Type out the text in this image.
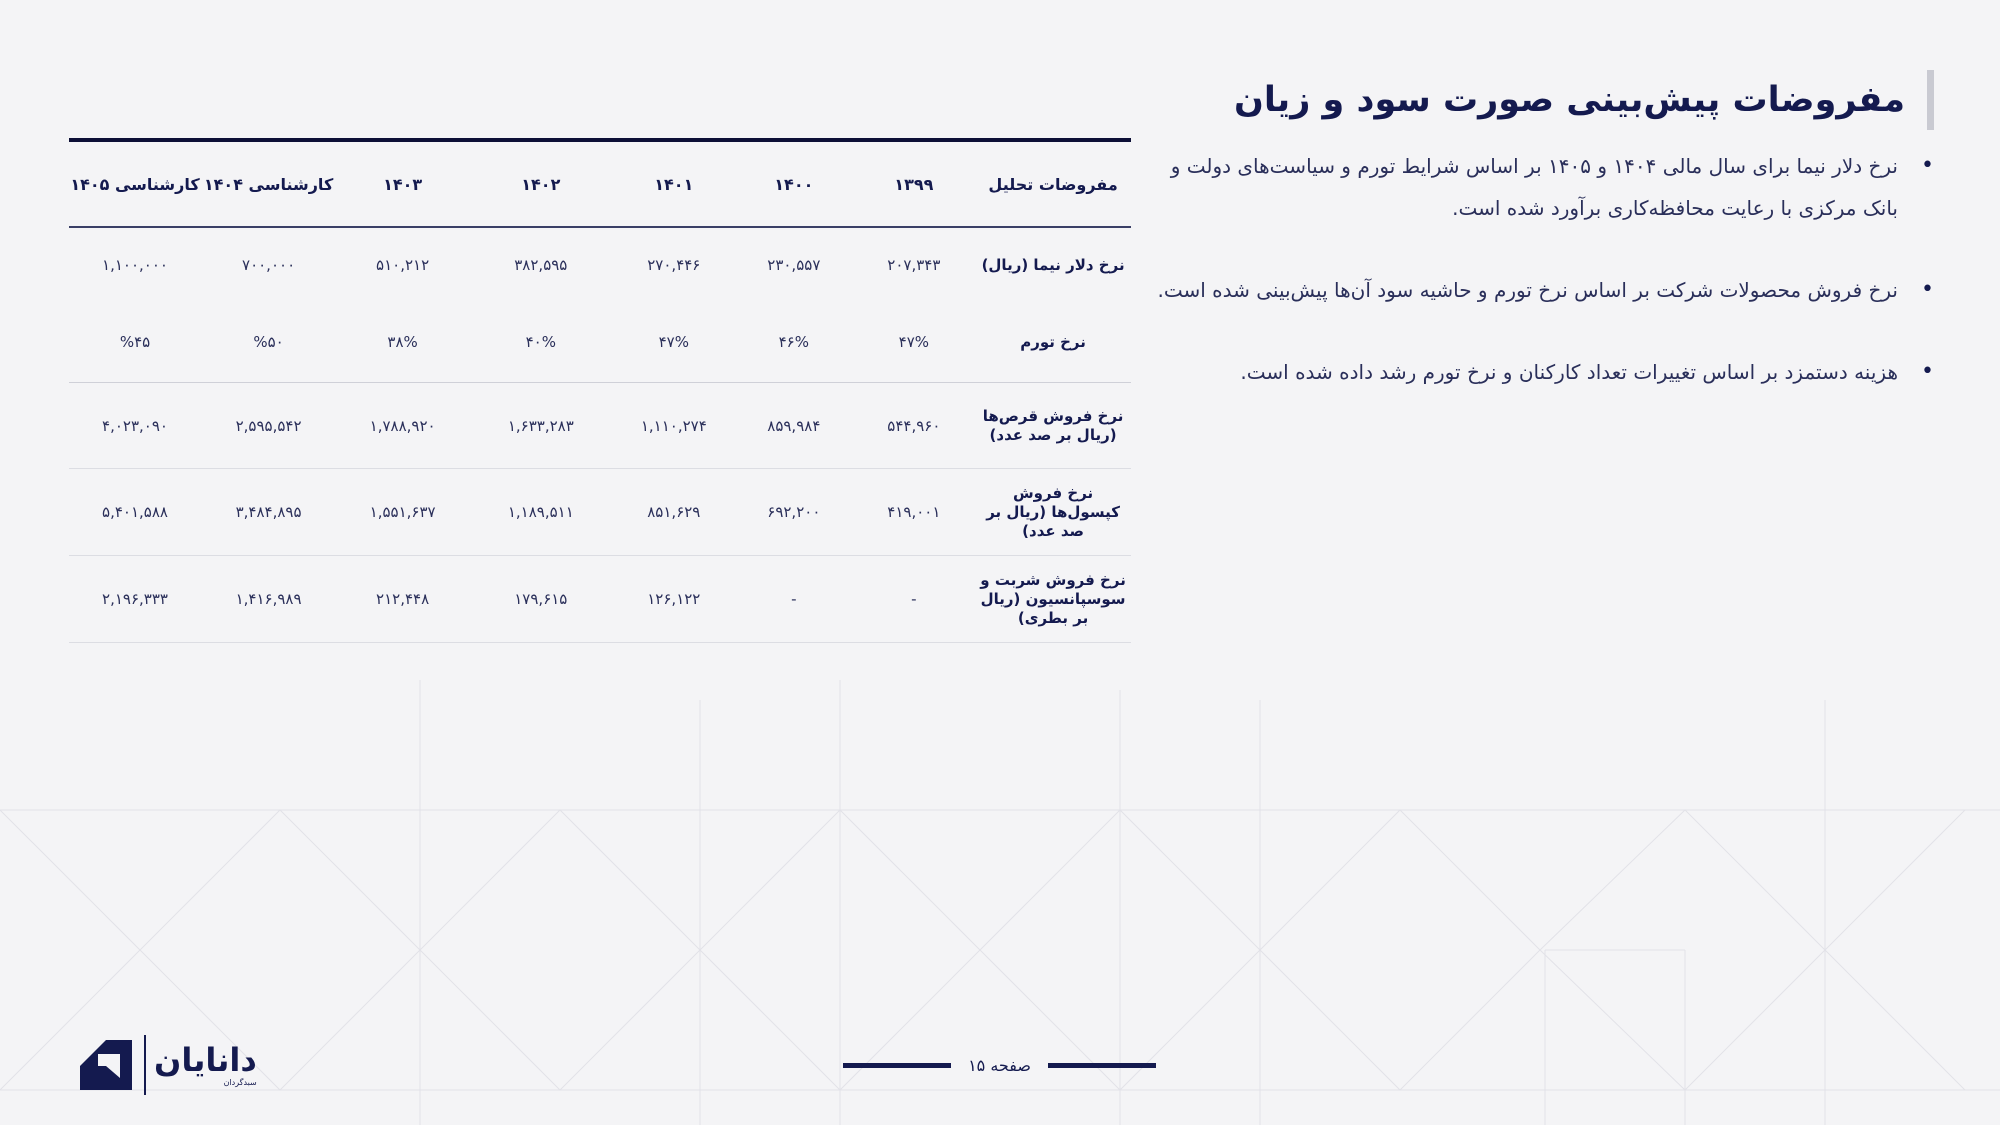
مفروضات پیش‌بینی صورت سود و زیان
•
نرخ دلار نیما برای سال مالی ۱۴۰۴ و ۱۴۰۵ بر اساس شرایط تورم و سیاست‌های دولت و بانک مرکزی با رعایت محافظه‌کاری برآورد شده است.
•
نرخ فروش محصولات شرکت بر اساس نرخ تورم و حاشیه سود آن‌ها پیش‌بینی شده است.
•
هزینه دستمزد بر اساس تغییرات تعداد کارکنان و نرخ تورم رشد داده شده است.
مفروضات تحلیل	۱۳۹۹	۱۴۰۰	۱۴۰۱	۱۴۰۲	۱۴۰۳	کارشناسی ۱۴۰۴	کارشناسی ۱۴۰۵
نرخ دلار نیما (ریال)	۲۰۷,۳۴۳	۲۳۰,۵۵۷	۲۷۰,۴۴۶	۳۸۲,۵۹۵	۵۱۰,۲۱۲	۷۰۰,۰۰۰	۱,۱۰۰,۰۰۰
نرخ تورم	۴۷%	۴۶%	۴۷%	۴۰%	۳۸%	%۵۰	%۴۵
نرخ فروش قرص‌ها (ریال بر صد عدد)	۵۴۴,۹۶۰	۸۵۹,۹۸۴	۱,۱۱۰,۲۷۴	۱,۶۳۳,۲۸۳	۱,۷۸۸,۹۲۰	۲,۵۹۵,۵۴۲	۴,۰۲۳,۰۹۰
نرخ فروش کپسول‌ها (ریال بر صد عدد)	۴۱۹,۰۰۱	۶۹۲,۲۰۰	۸۵۱,۶۲۹	۱,۱۸۹,۵۱۱	۱,۵۵۱,۶۳۷	۳,۴۸۴,۸۹۵	۵,۴۰۱,۵۸۸
نرخ فروش شربت و سوسپانسیون (ریال بر بطری)	-	-	۱۲۶,۱۲۲	۱۷۹,۶۱۵	۲۱۲,۴۴۸	۱,۴۱۶,۹۸۹	۲,۱۹۶,۳۳۳
صفحه ۱۵
دانایان
سبدگردان
